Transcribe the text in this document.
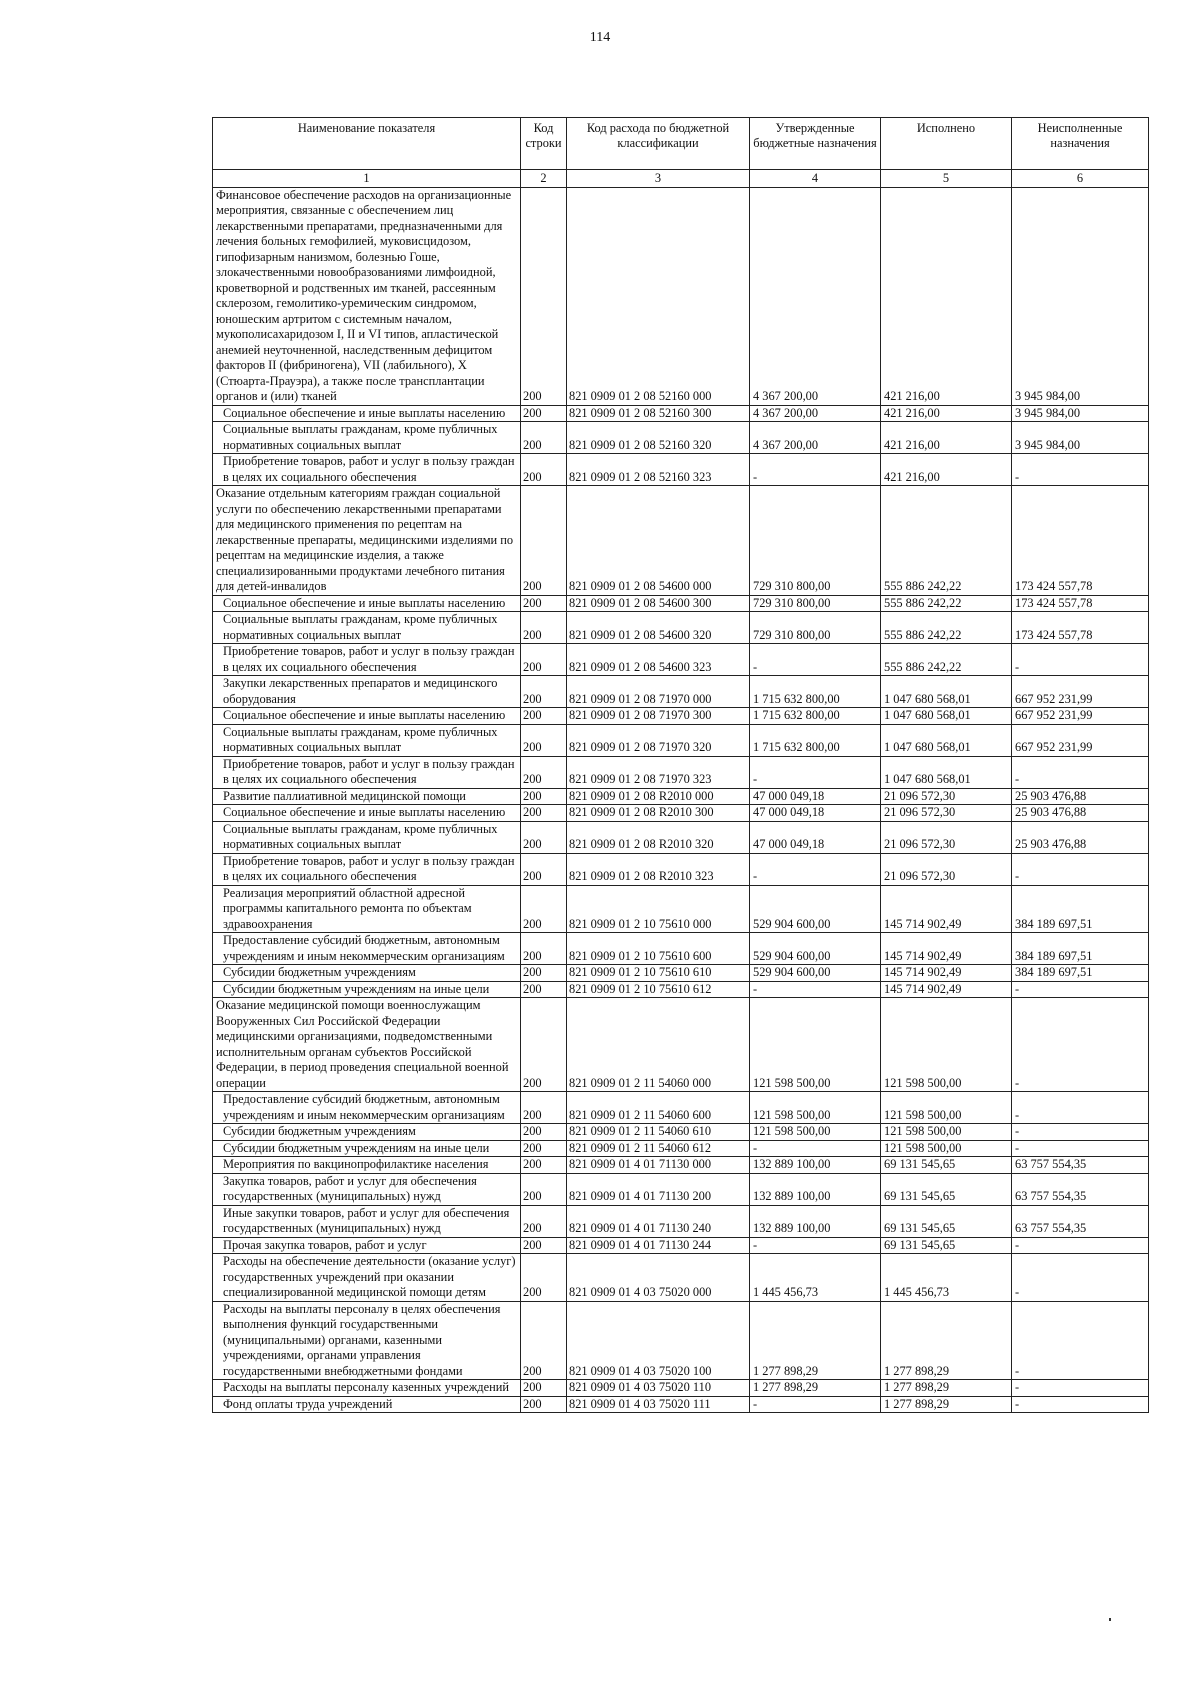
114
Наименование показателя	Код строки	Код расхода по бюджетной классификации	Утвержденные бюджетные назначения	Исполнено	Неисполненные назначения
1	2	3	4	5	6
Финансовое обеспечение расходов на организационные мероприятия, связанные с обеспечением лиц лекарственными препаратами, предназначенными для лечения больных гемофилией, муковисцидозом, гипофизарным нанизмом, болезнью Гоше, злокачественными новообразованиями лимфоидной, кроветворной и родственных им тканей, рассеянным склерозом, гемолитико-уремическим синдромом, юношеским артритом с системным началом, мукополисахаридозом I, II и VI типов, апластической анемией неуточненной, наследственным дефицитом факторов II (фибриногена), VII (лабильного), X (Стюарта-Прауэра), а также после трансплантации органов и (или) тканей	200	821 0909 01 2 08 52160 000	4 367 200,00	421 216,00	3 945 984,00
Социальное обеспечение и иные выплаты населению	200	821 0909 01 2 08 52160 300	4 367 200,00	421 216,00	3 945 984,00
Социальные выплаты гражданам, кроме публичных нормативных социальных выплат	200	821 0909 01 2 08 52160 320	4 367 200,00	421 216,00	3 945 984,00
Приобретение товаров, работ и услуг в пользу граждан в целях их социального обеспечения	200	821 0909 01 2 08 52160 323	-	421 216,00	-
Оказание отдельным категориям граждан социальной услуги по обеспечению лекарственными препаратами для медицинского применения по рецептам на лекарственные препараты, медицинскими изделиями по рецептам на медицинские изделия, а также специализированными продуктами лечебного питания для детей-инвалидов	200	821 0909 01 2 08 54600 000	729 310 800,00	555 886 242,22	173 424 557,78
Социальное обеспечение и иные выплаты населению	200	821 0909 01 2 08 54600 300	729 310 800,00	555 886 242,22	173 424 557,78
Социальные выплаты гражданам, кроме публичных нормативных социальных выплат	200	821 0909 01 2 08 54600 320	729 310 800,00	555 886 242,22	173 424 557,78
Приобретение товаров, работ и услуг в пользу граждан в целях их социального обеспечения	200	821 0909 01 2 08 54600 323	-	555 886 242,22	-
Закупки лекарственных препаратов и медицинского оборудования	200	821 0909 01 2 08 71970 000	1 715 632 800,00	1 047 680 568,01	667 952 231,99
Социальное обеспечение и иные выплаты населению	200	821 0909 01 2 08 71970 300	1 715 632 800,00	1 047 680 568,01	667 952 231,99
Социальные выплаты гражданам, кроме публичных нормативных социальных выплат	200	821 0909 01 2 08 71970 320	1 715 632 800,00	1 047 680 568,01	667 952 231,99
Приобретение товаров, работ и услуг в пользу граждан в целях их социального обеспечения	200	821 0909 01 2 08 71970 323	-	1 047 680 568,01	-
Развитие паллиативной медицинской помощи	200	821 0909 01 2 08 R2010 000	47 000 049,18	21 096 572,30	25 903 476,88
Социальное обеспечение и иные выплаты населению	200	821 0909 01 2 08 R2010 300	47 000 049,18	21 096 572,30	25 903 476,88
Социальные выплаты гражданам, кроме публичных нормативных социальных выплат	200	821 0909 01 2 08 R2010 320	47 000 049,18	21 096 572,30	25 903 476,88
Приобретение товаров, работ и услуг в пользу граждан в целях их социального обеспечения	200	821 0909 01 2 08 R2010 323	-	21 096 572,30	-
Реализация мероприятий областной адресной программы капитального ремонта по объектам здравоохранения	200	821 0909 01 2 10 75610 000	529 904 600,00	145 714 902,49	384 189 697,51
Предоставление субсидий бюджетным, автономным учреждениям и иным некоммерческим организациям	200	821 0909 01 2 10 75610 600	529 904 600,00	145 714 902,49	384 189 697,51
Субсидии бюджетным учреждениям	200	821 0909 01 2 10 75610 610	529 904 600,00	145 714 902,49	384 189 697,51
Субсидии бюджетным учреждениям на иные цели	200	821 0909 01 2 10 75610 612	-	145 714 902,49	-
Оказание медицинской помощи военнослужащим Вооруженных Сил Российской Федерации медицинскими организациями, подведомственными исполнительным органам субъектов Российской Федерации, в период проведения специальной военной операции	200	821 0909 01 2 11 54060 000	121 598 500,00	121 598 500,00	-
Предоставление субсидий бюджетным, автономным учреждениям и иным некоммерческим организациям	200	821 0909 01 2 11 54060 600	121 598 500,00	121 598 500,00	-
Субсидии бюджетным учреждениям	200	821 0909 01 2 11 54060 610	121 598 500,00	121 598 500,00	-
Субсидии бюджетным учреждениям на иные цели	200	821 0909 01 2 11 54060 612	-	121 598 500,00	-
Мероприятия по вакцинопрофилактике населения	200	821 0909 01 4 01 71130 000	132 889 100,00	69 131 545,65	63 757 554,35
Закупка товаров, работ и услуг для обеспечения государственных (муниципальных) нужд	200	821 0909 01 4 01 71130 200	132 889 100,00	69 131 545,65	63 757 554,35
Иные закупки товаров, работ и услуг для обеспечения государственных (муниципальных) нужд	200	821 0909 01 4 01 71130 240	132 889 100,00	69 131 545,65	63 757 554,35
Прочая закупка товаров, работ и услуг	200	821 0909 01 4 01 71130 244	-	69 131 545,65	-
Расходы на обеспечение деятельности (оказание услуг) государственных учреждений при оказании специализированной медицинской помощи детям	200	821 0909 01 4 03 75020 000	1 445 456,73	1 445 456,73	-
Расходы на выплаты персоналу в целях обеспечения выполнения функций государственными (муниципальными) органами, казенными учреждениями, органами управления государственными внебюджетными фондами	200	821 0909 01 4 03 75020 100	1 277 898,29	1 277 898,29	-
Расходы на выплаты персоналу казенных учреждений	200	821 0909 01 4 03 75020 110	1 277 898,29	1 277 898,29	-
Фонд оплаты труда учреждений	200	821 0909 01 4 03 75020 111	-	1 277 898,29	-
